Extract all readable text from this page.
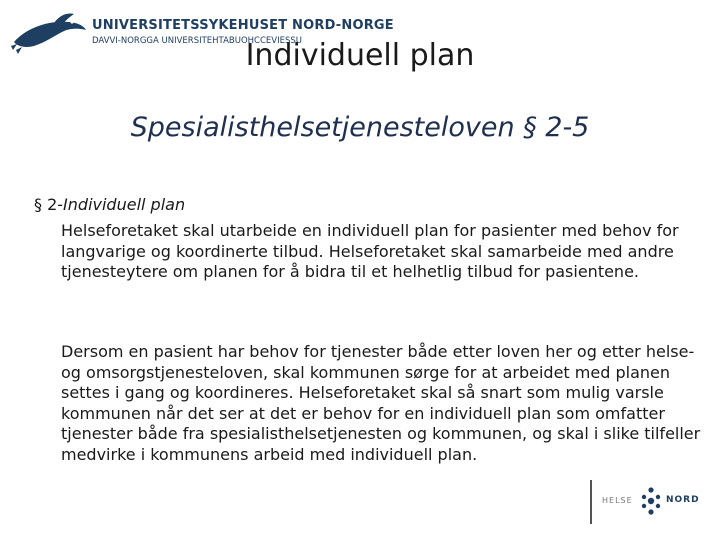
UNIVERSITETSSYKEHUSET NORD-NORGE
DAVVI-NORGGA UNIVERSITEHTABUOHCCEVIESSU
Individuell plan
Spesialisthelsetjenesteloven § 2-5
§ 2-Individuell plan
Helseforetaket skal utarbeide en individuell plan for pasienter med behov for langvarige og koordinerte tilbud. Helseforetaket skal samarbeide med andre tjenesteytere om planen for å bidra til et helhetlig tilbud for pasientene.
Dersom en pasient har behov for tjenester både etter loven her og etter helse- og omsorgstjenesteloven, skal kommunen sørge for at arbeidet med planen settes i gang og koordineres. Helseforetaket skal så snart som mulig varsle kommunen når det ser at det er behov for en individuell plan som omfatter tjenester både fra spesialisthelsetjenesten og kommunen, og skal i slike tilfeller medvirke i kommunens arbeid med individuell plan.
HELSE	NORD
